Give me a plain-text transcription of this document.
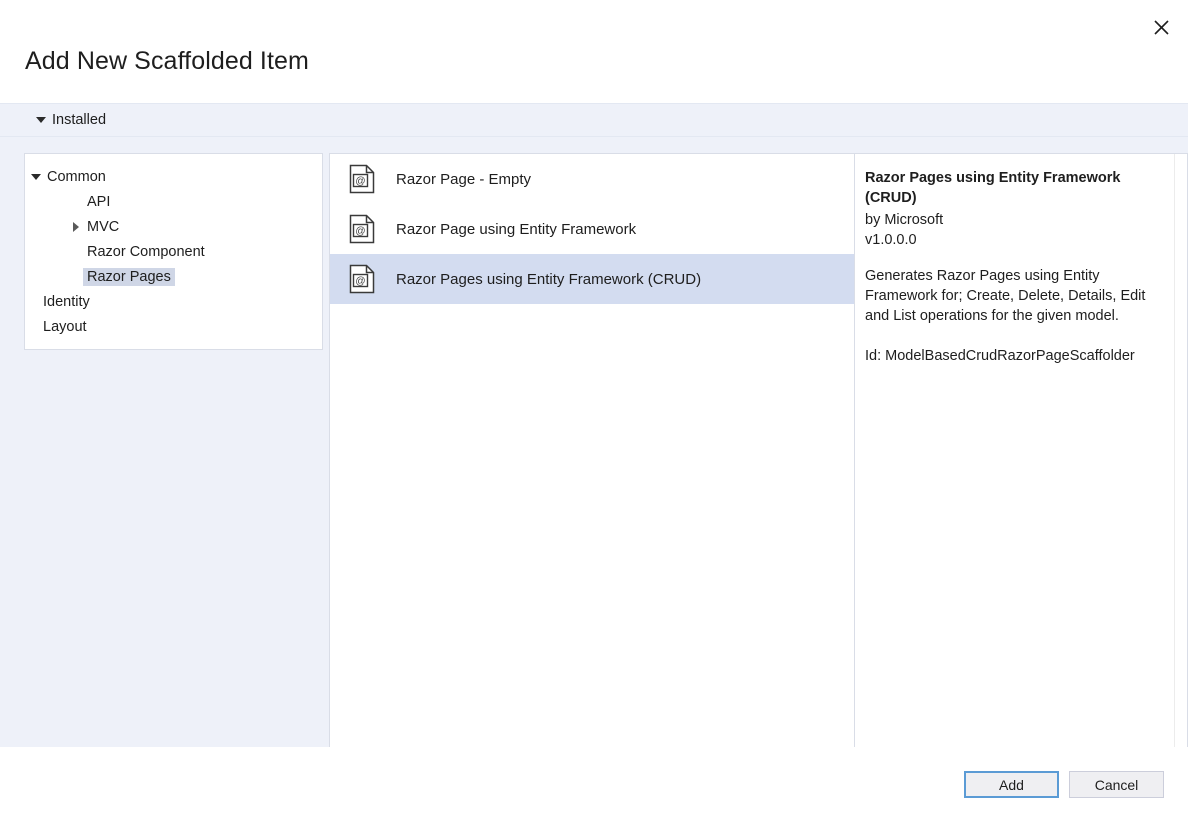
Add New Scaffolded Item
Installed
Common
API
MVC
Razor Component
Razor Pages
Identity
Layout
@ Razor Page - Empty
@ Razor Page using Entity Framework
@ Razor Pages using Entity Framework (CRUD)
Razor Pages using Entity Framework (CRUD)
by Microsoft
v1.0.0.0
Generates Razor Pages using Entity Framework for; Create, Delete, Details, Edit and List operations for the given model.
Id: ModelBasedCrudRazorPageScaffolder
Add	Cancel
